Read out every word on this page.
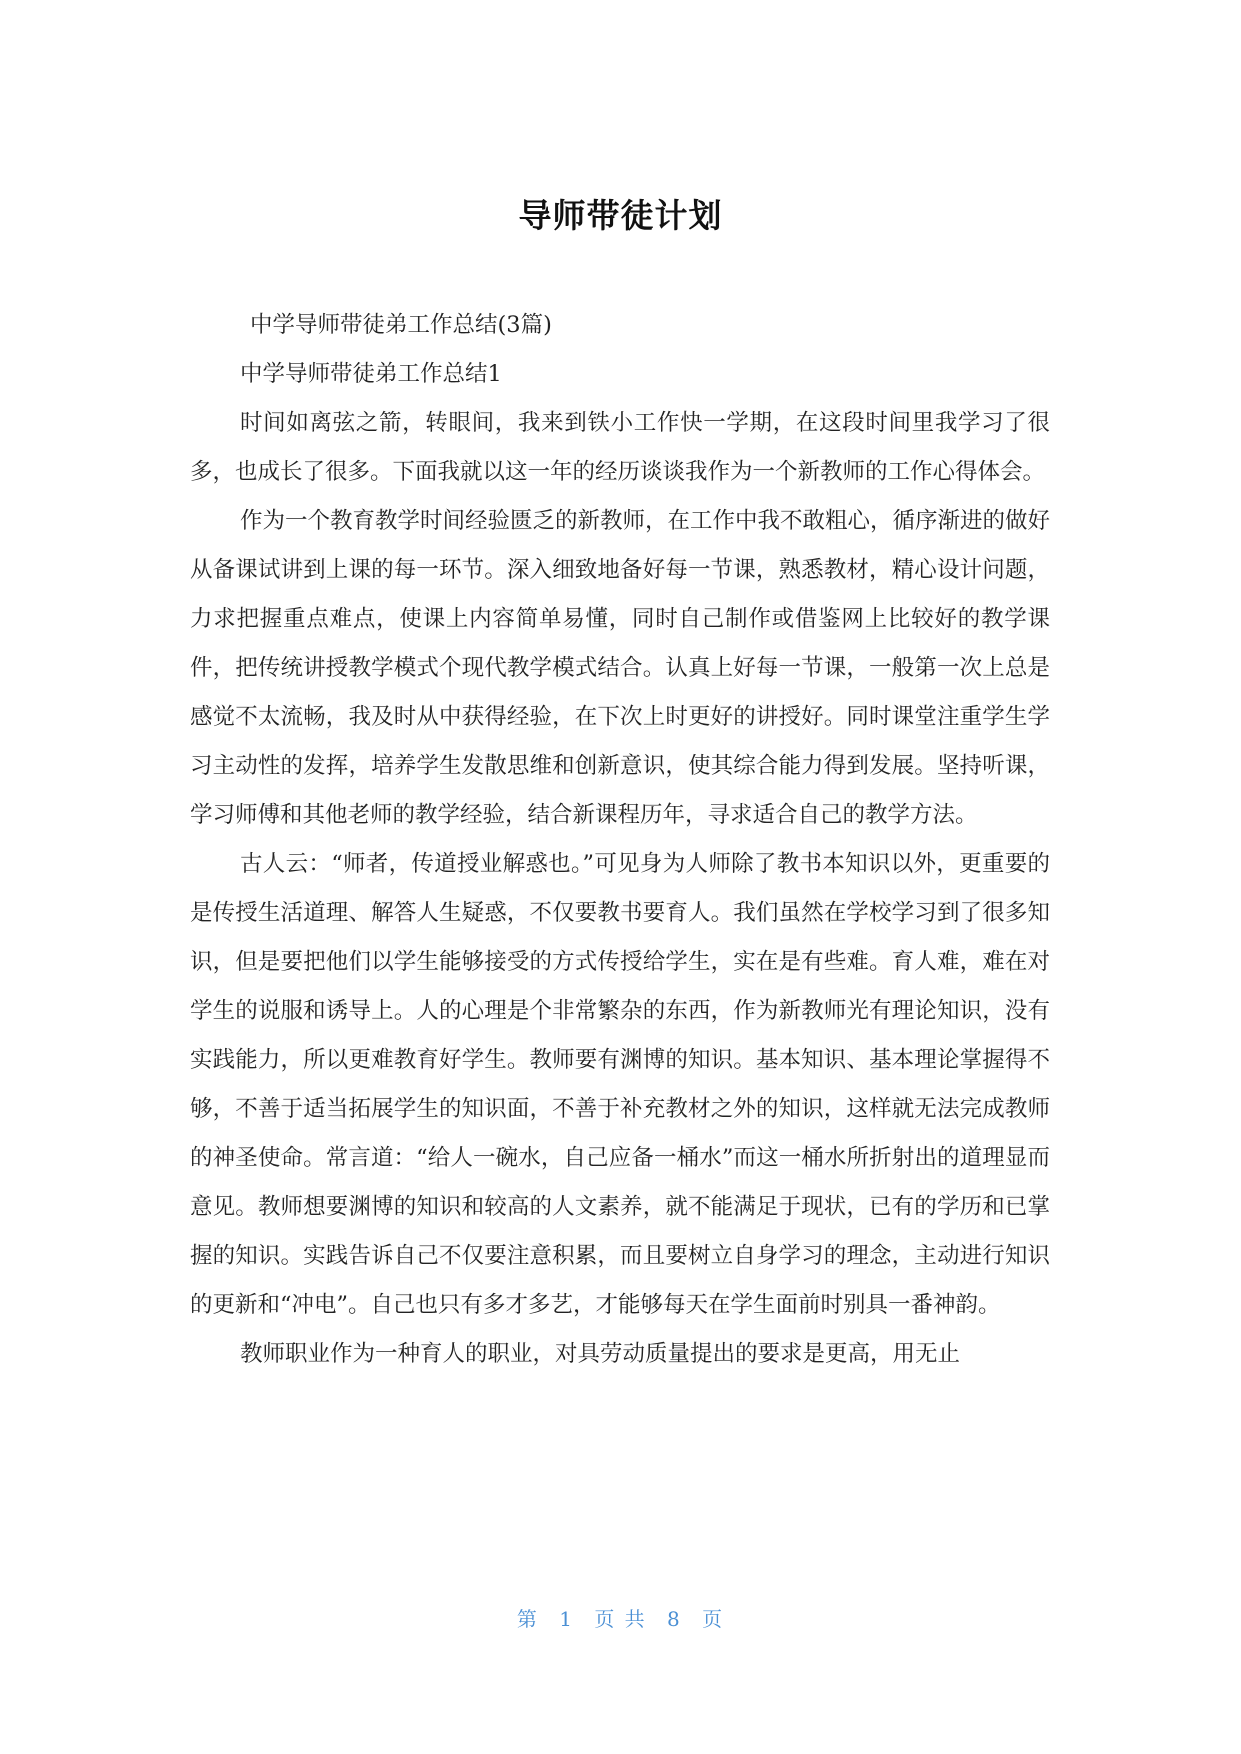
导师带徒计划

中学导师带徒弟工作总结(3篇)

中学导师带徒弟工作总结1

时间如离弦之箭，转眼间，我来到铁小工作快一学期，在这段时间里我学习了很多，也成长了很多。下面我就以这一年的经历谈谈我作为一个新教师的工作心得体会。

作为一个教育教学时间经验匮乏的新教师，在工作中我不敢粗心，循序渐进的做好从备课试讲到上课的每一环节。深入细致地备好每一节课，熟悉教材，精心设计问题，力求把握重点难点，使课上内容简单易懂，同时自己制作或借鉴网上比较好的教学课件，把传统讲授教学模式个现代教学模式结合。认真上好每一节课，一般第一次上总是感觉不太流畅，我及时从中获得经验，在下次上时更好的讲授好。同时课堂注重学生学习主动性的发挥，培养学生发散思维和创新意识，使其综合能力得到发展。坚持听课，学习师傅和其他老师的教学经验，结合新课程历年，寻求适合自己的教学方法。

古人云：“师者，传道授业解惑也。”可见身为人师除了教书本知识以外，更重要的是传授生活道理、解答人生疑惑，不仅要教书要育人。我们虽然在学校学习到了很多知识，但是要把他们以学生能够接受的方式传授给学生，实在是有些难。育人难，难在对学生的说服和诱导上。人的心理是个非常繁杂的东西，作为新教师光有理论知识，没有实践能力，所以更难教育好学生。教师要有渊博的知识。基本知识、基本理论掌握得不够，不善于适当拓展学生的知识面，不善于补充教材之外的知识，这样就无法完成教师的神圣使命。常言道：“给人一碗水，自己应备一桶水”而这一桶水所折射出的道理显而意见。教师想要渊博的知识和较高的人文素养，就不能满足于现状，已有的学历和已掌握的知识。实践告诉自己不仅要注意积累，而且要树立自身学习的理念，主动进行知识的更新和“冲电”。自己也只有多才多艺，才能够每天在学生面前时别具一番神韵。

教师职业作为一种育人的职业，对具劳动质量提出的要求是更高，用无止

第 1 页 共 8 页
